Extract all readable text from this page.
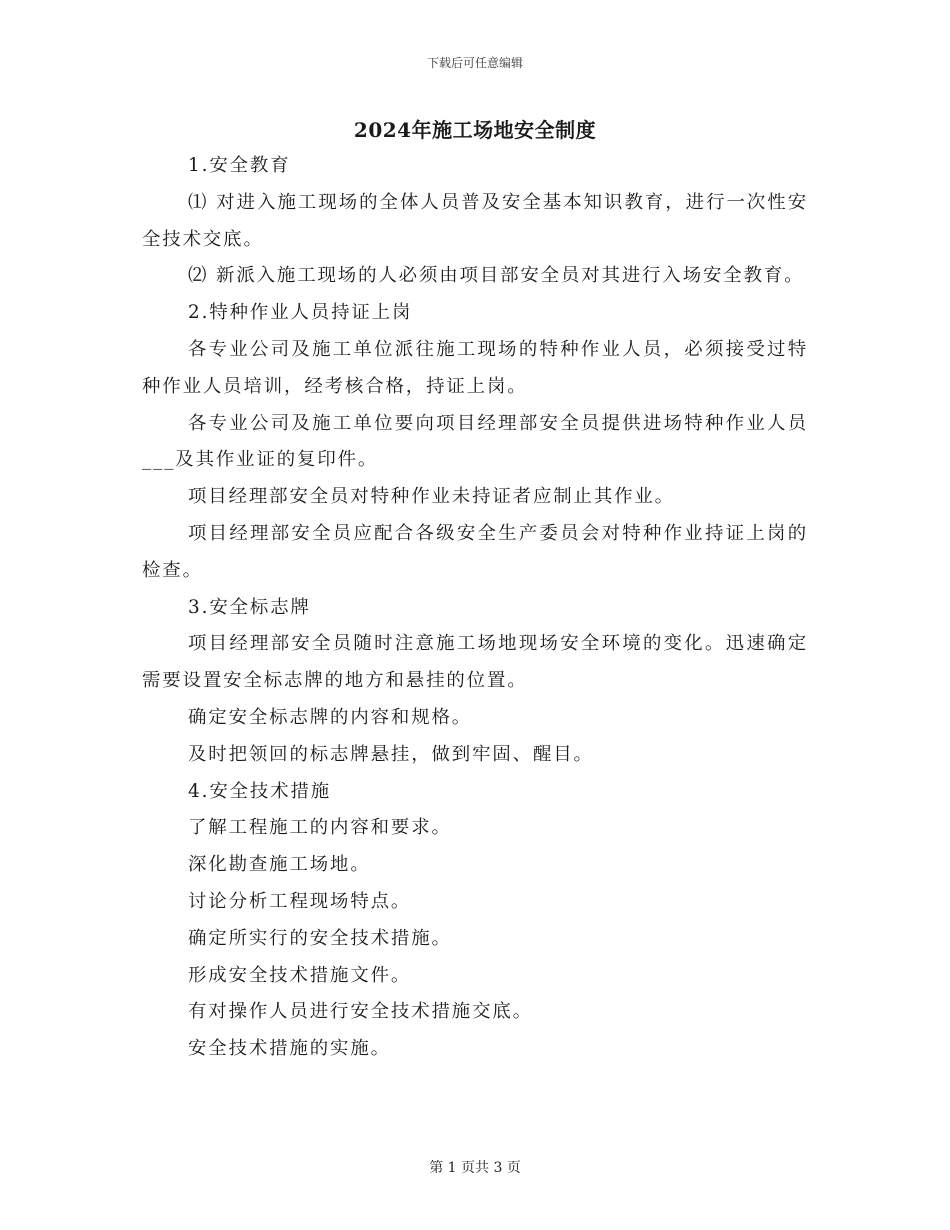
下载后可任意编辑
2024年施工场地安全制度

1.安全教育

⑴ 对进入施工现场的全体人员普及安全基本知识教育，进行一次性安全技术交底。

⑵ 新派入施工现场的人必须由项目部安全员对其进行入场安全教育。

2.特种作业人员持证上岗

各专业公司及施工单位派往施工现场的特种作业人员，必须接受过特种作业人员培训，经考核合格，持证上岗。

各专业公司及施工单位要向项目经理部安全员提供进场特种作业人员___及其作业证的复印件。

项目经理部安全员对特种作业未持证者应制止其作业。

项目经理部安全员应配合各级安全生产委员会对特种作业持证上岗的检查。

3.安全标志牌

项目经理部安全员随时注意施工场地现场安全环境的变化。迅速确定需要设置安全标志牌的地方和悬挂的位置。

确定安全标志牌的内容和规格。

及时把领回的标志牌悬挂，做到牢固、醒目。

4.安全技术措施

了解工程施工的内容和要求。

深化勘查施工场地。

讨论分析工程现场特点。

确定所实行的安全技术措施。

形成安全技术措施文件。

有对操作人员进行安全技术措施交底。

安全技术措施的实施。

第 1 页共 3 页
